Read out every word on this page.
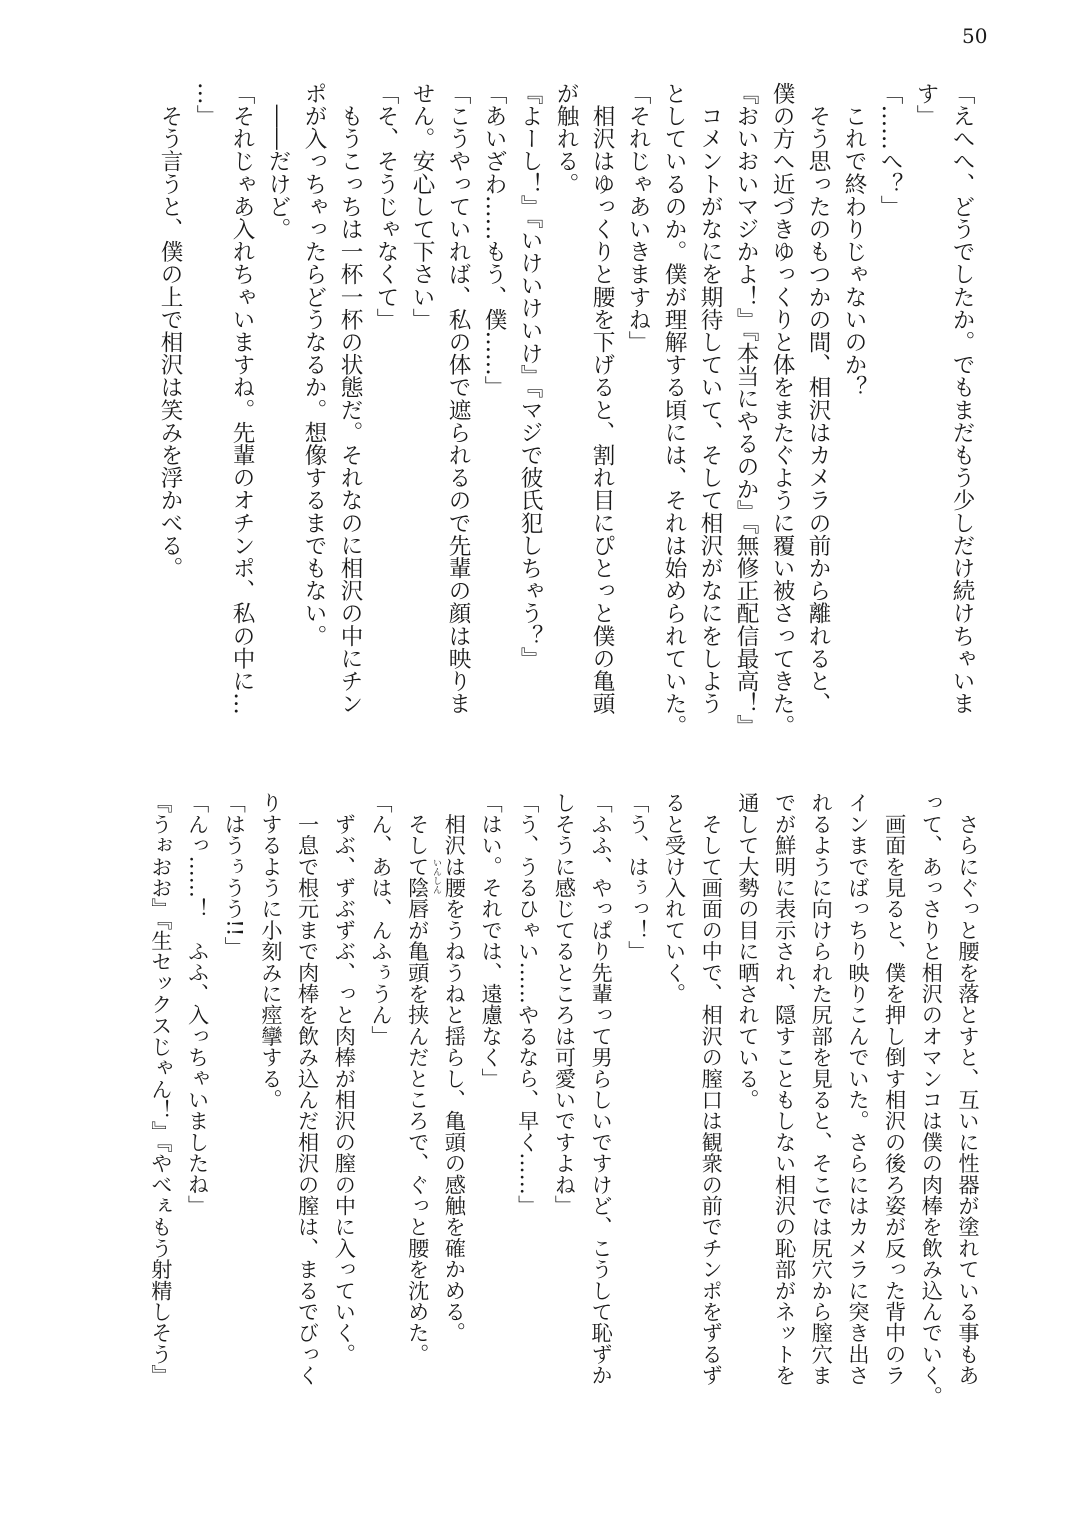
50
「えへへ、どうでしたか。でもまだもう少しだけ続けちゃいま
す」
「……へ？」
　これで終わりじゃないのか？
　そう思ったのもつかの間、相沢はカメラの前から離れると、
僕の方へ近づきゆっくりと体をまたぐように覆い被さってきた。
『おいおいマジかよ！』『本当にやるのか』『無修正配信最高！』
　コメントがなにを期待していて、そして相沢がなにをしよう
としているのか。僕が理解する頃には、それは始められていた。
「それじゃあいきますね」
　相沢はゆっくりと腰を下げると、割れ目にぴとっと僕の亀頭
が触れる。
『よーし！』『いけいけいけ』『マジで彼氏犯しちゃう？』
「あいざわ……もう、僕……」
「こうやっていれば、私の体で遮られるので先輩の顔は映りま
せん。安心して下さい」
「そ、そうじゃなくて」
　もうこっちは一杯一杯の状態だ。それなのに相沢の中にチン
ポが入っちゃったらどうなるか。想像するまでもない。
　――だけど。
「それじゃあ入れちゃいますね。先輩のオチンポ、私の中に…
…」
　そう言うと、僕の上で相沢は笑みを浮かべる。
　さらにぐっと腰を落とすと、互いに性器が塗れている事もあ
って、あっさりと相沢のオマンコは僕の肉棒を飲み込んでいく。
　画面を見ると、僕を押し倒す相沢の後ろ姿が反った背中のラ
インまでばっちり映りこんでいた。さらにはカメラに突き出さ
れるように向けられた尻部を見ると、そこでは尻穴から膣穴ま
でが鮮明に表示され、隠すこともしない相沢の恥部がネットを
通して大勢の目に晒されている。
　そして画面の中で、相沢の膣口は観衆の前でチンポをずるず
ると受け入れていく。
「う、はぅっ！」
「ふふ、やっぱり先輩って男らしいですけど、こうして恥ずか
しそうに感じてるところは可愛いですよね」
「う、うるひゃい……やるなら、早く……」
「はい。それでは、遠慮なく」
　相沢は腰をうねうねと揺らし、亀頭の感触を確かめる。
　そして陰唇が亀頭を挟んだところで、ぐっと腰を沈めた。
「ん、あは、んふぅうん」
　ずぶ、ずぶずぶ、っと肉棒が相沢の膣の中に入っていく。
　一息で根元まで肉棒を飲み込んだ相沢の膣は、まるでびっく
りするように小刻みに痙攣する。
「はうぅうう!!」
「んっ……！　ふふ、入っちゃいましたね」
『うぉおお』『生セックスじゃん！』『やべぇもう射精しそう』	いんしん
